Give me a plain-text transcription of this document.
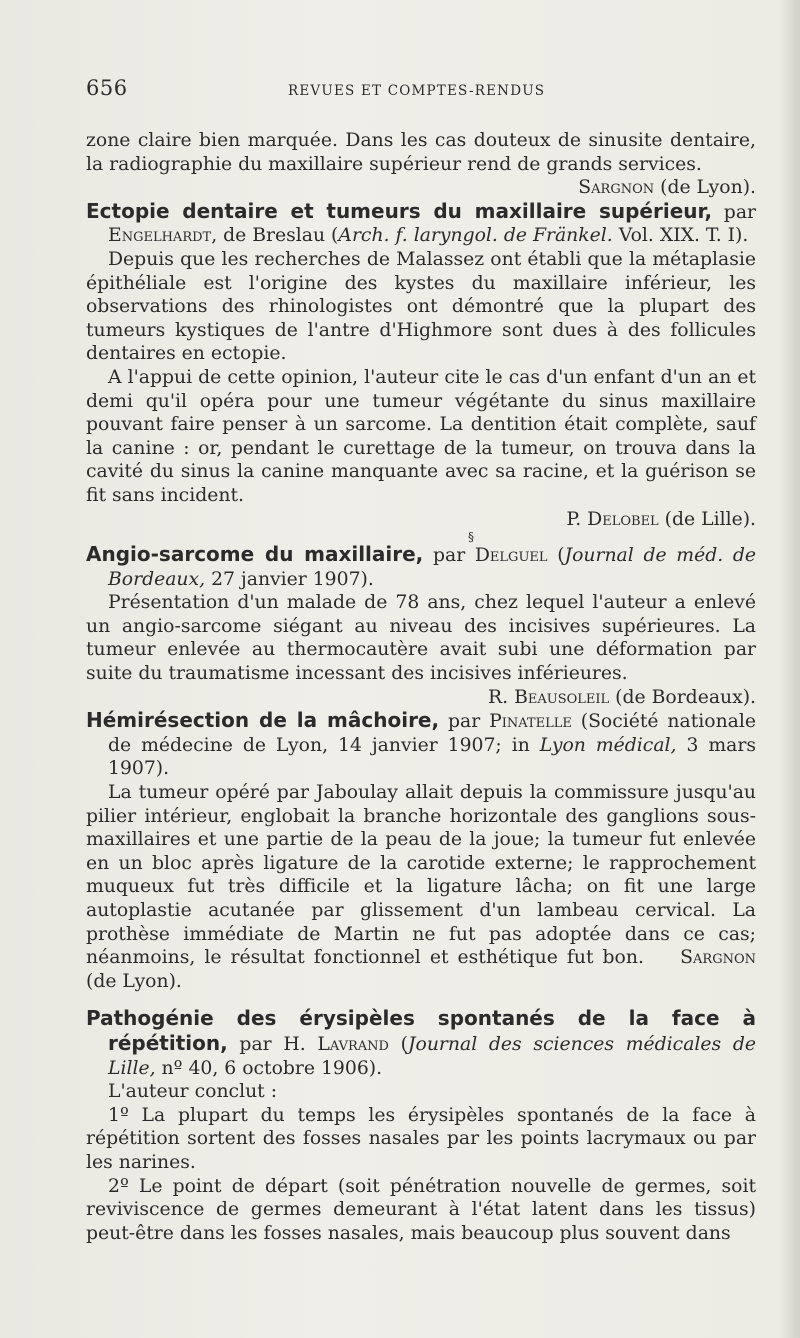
656	REVUES ET COMPTES-RENDUS

zone claire bien marquée. Dans les cas douteux de sinusite dentaire, la radiographie du maxillaire supérieur rend de grands services.

Sargnon (de Lyon).

Ectopie dentaire et tumeurs du maxillaire supérieur, par Engelhardt, de Breslau (Arch. f. laryngol. de Fränkel. Vol. XIX. T. I).

Depuis que les recherches de Malassez ont établi que la métaplasie épithéliale est l'origine des kystes du maxillaire inférieur, les observations des rhinologistes ont démontré que la plupart des tumeurs kystiques de l'antre d'Highmore sont dues à des follicules dentaires en ectopie.

A l'appui de cette opinion, l'auteur cite le cas d'un enfant d'un an et demi qu'il opéra pour une tumeur végétante du sinus maxillaire pouvant faire penser à un sarcome. La dentition était complète, sauf la canine : or, pendant le curettage de la tumeur, on trouva dans la cavité du sinus la canine manquante avec sa racine, et la guérison se fit sans incident.

P. Delobel (de Lille).

§

Angio-sarcome du maxillaire, par Delguel (Journal de méd. de Bordeaux, 27 janvier 1907).

Présentation d'un malade de 78 ans, chez lequel l'auteur a enlevé un angio-sarcome siégant au niveau des incisives supérieures. La tumeur enlevée au thermocautère avait subi une déformation par suite du traumatisme incessant des incisives inférieures.

R. Beausoleil (de Bordeaux).

Hémirésection de la mâchoire, par Pinatelle (Société nationale de médecine de Lyon, 14 janvier 1907; in Lyon médical, 3 mars 1907).

La tumeur opéré par Jaboulay allait depuis la commissure jusqu'au pilier intérieur, englobait la branche horizontale des ganglions sous-maxillaires et une partie de la peau de la joue; la tumeur fut enlevée en un bloc après ligature de la carotide externe; le rapprochement muqueux fut très difficile et la ligature lâcha; on fit une large autoplastie acutanée par glissement d'un lambeau cervical. La prothèse immédiate de Martin ne fut pas adoptée dans ce cas; néanmoins, le résultat fonctionnel et esthétique fut bon. Sargnon (de Lyon).

Pathogénie des érysipèles spontanés de la face à répétition, par H. Lavrand (Journal des sciences médicales de Lille, nº 40, 6 octobre 1906).

L'auteur conclut :

1º La plupart du temps les érysipèles spontanés de la face à répétition sortent des fosses nasales par les points lacrymaux ou par les narines.

2º Le point de départ (soit pénétration nouvelle de germes, soit reviviscence de germes demeurant à l'état latent dans les tissus) peut-être dans les fosses nasales, mais beaucoup plus souvent dans
